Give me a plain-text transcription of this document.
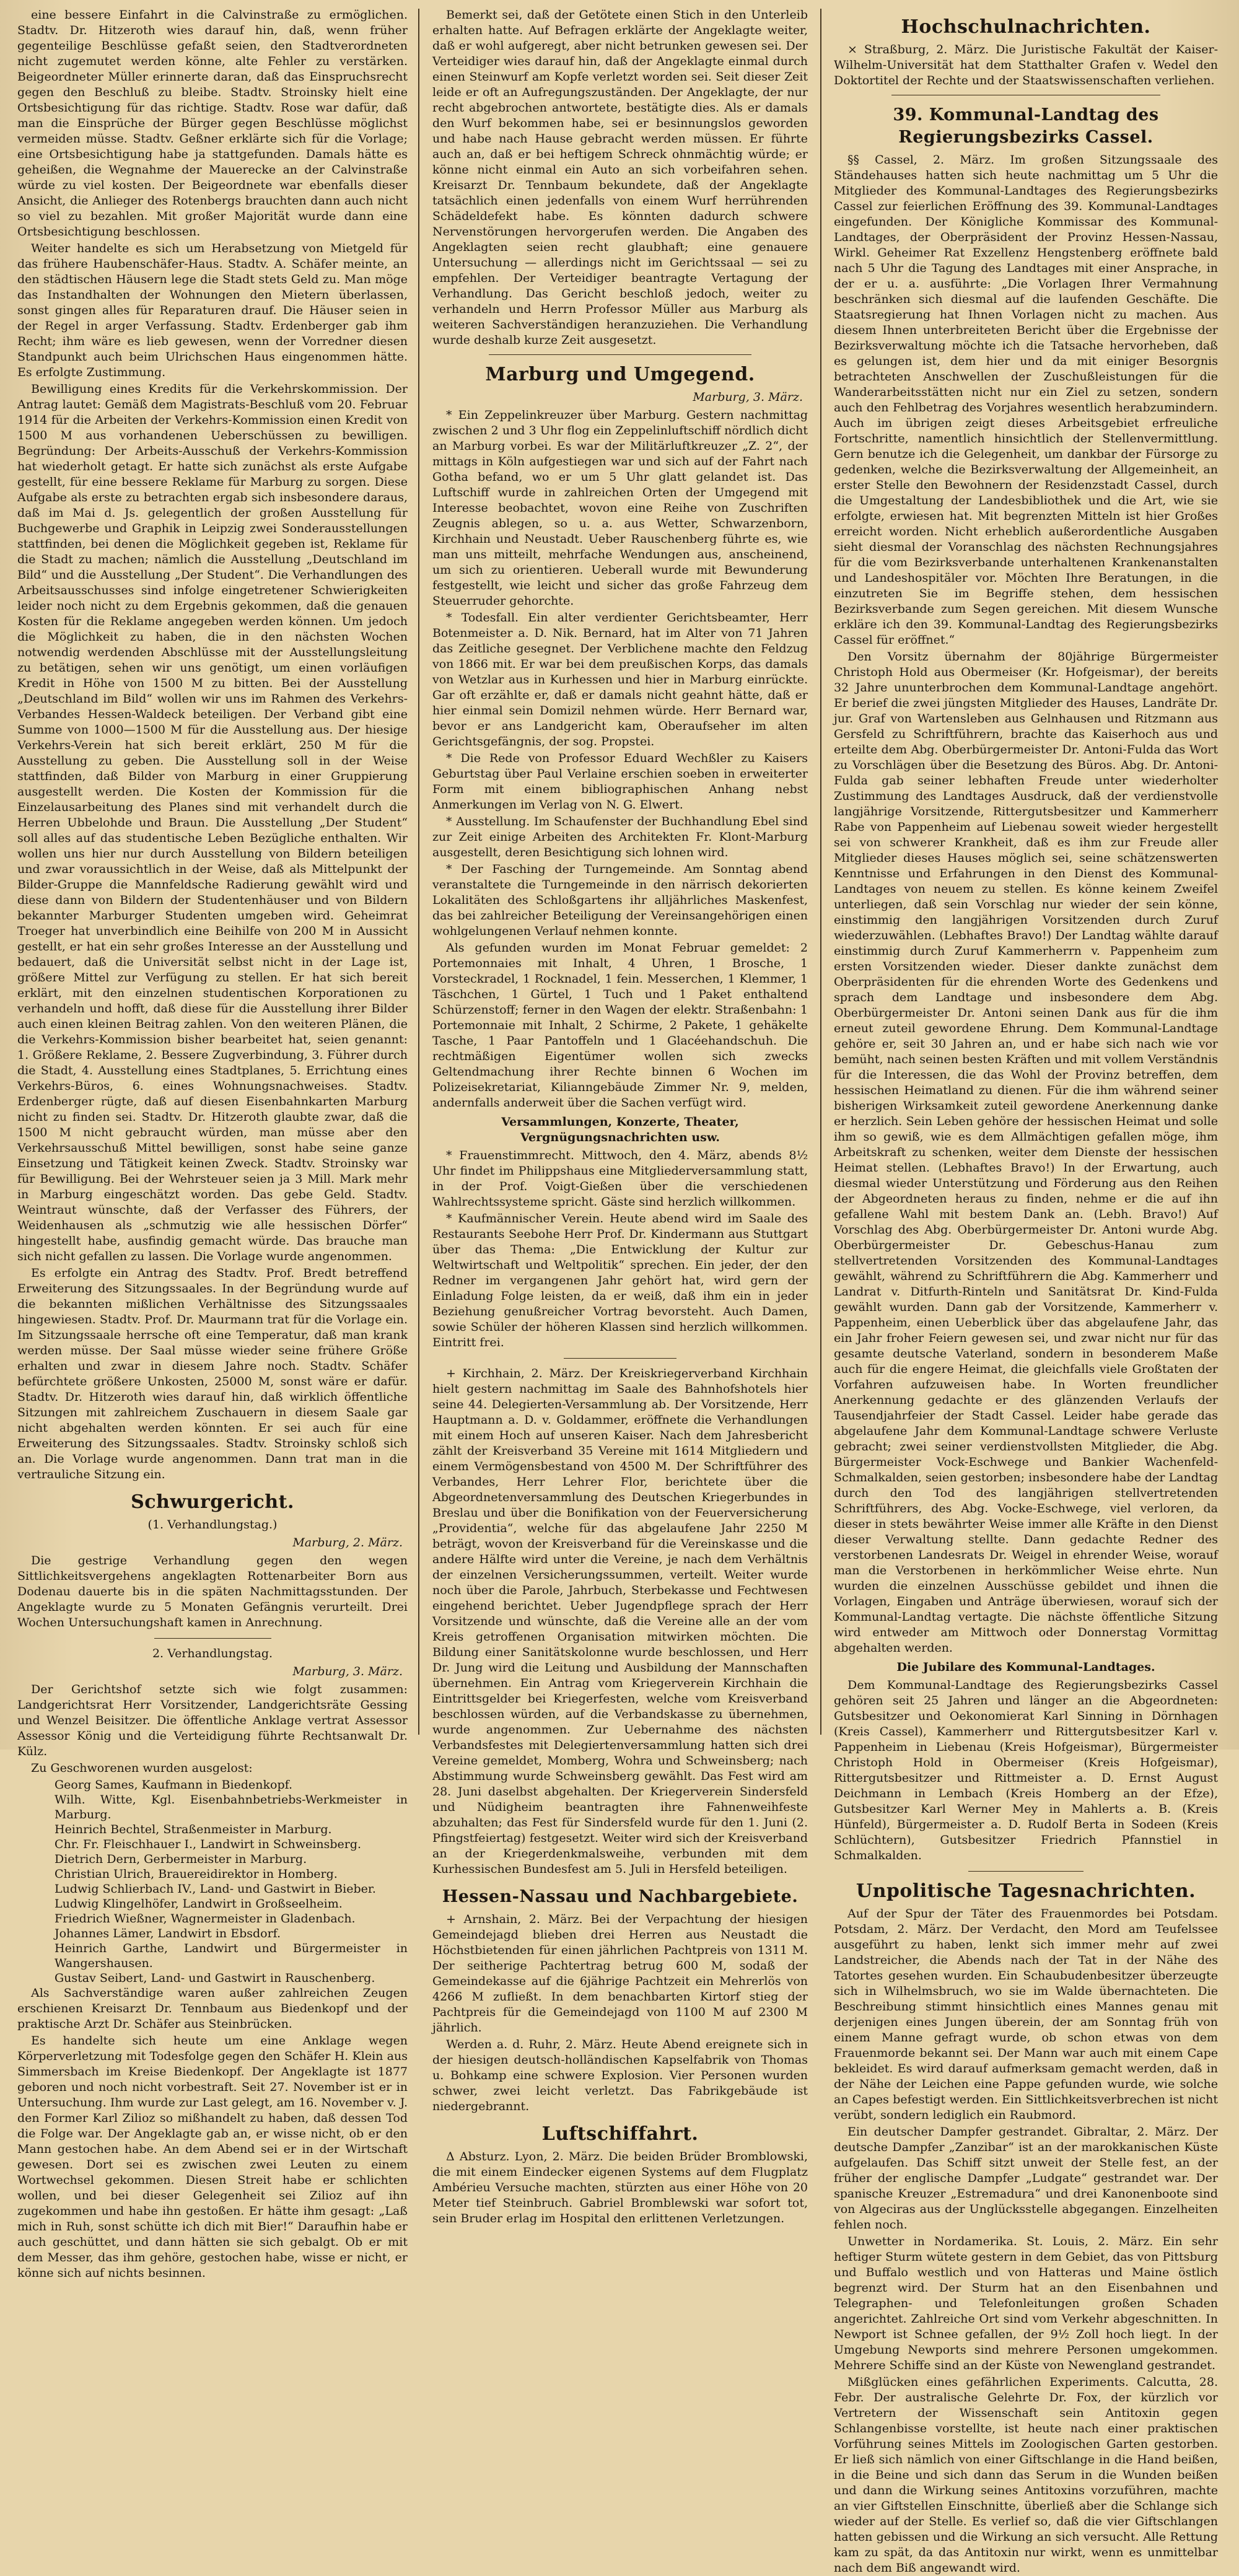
eine bessere Einfahrt in die Calvinstraße zu ermöglichen. Stadtv. Dr. Hitzeroth wies darauf hin, daß, wenn früher gegenteilige Beschlüsse gefaßt seien, den Stadtverordneten nicht zugemutet werden könne, alte Fehler zu verstärken. Beigeordneter Müller erinnerte daran, daß das Einspruchsrecht gegen den Beschluß zu bleibe. Stadtv. Stroinsky hielt eine Ortsbesichtigung für das richtige. Stadtv. Rose war dafür, daß man die Einsprüche der Bürger gegen Beschlüsse möglichst vermeiden müsse. Stadtv. Geßner erklärte sich für die Vorlage; eine Ortsbesichtigung habe ja stattgefunden. Damals hätte es geheißen, die Wegnahme der Mauerecke an der Calvinstraße würde zu viel kosten. Der Beigeordnete war ebenfalls dieser Ansicht, die Anlieger des Rotenbergs brauchten dann auch nicht so viel zu bezahlen. Mit großer Majorität wurde dann eine Ortsbesichtigung beschlossen.

Weiter handelte es sich um Herabsetzung von Mietgeld für das frühere Haubenschäfer-Haus. Stadtv. A. Schäfer meinte, an den städtischen Häusern lege die Stadt stets Geld zu. Man möge das Instandhalten der Wohnungen den Mietern überlassen, sonst gingen alles für Reparaturen drauf. Die Häuser seien in der Regel in arger Verfassung. Stadtv. Erdenberger gab ihm Recht; ihm wäre es lieb gewesen, wenn der Vorredner diesen Standpunkt auch beim Ulrichschen Haus eingenommen hätte. Es erfolgte Zustimmung.

Bewilligung eines Kredits für die Verkehrskommission. Der Antrag lautet: Gemäß dem Magistrats-Beschluß vom 20. Februar 1914 für die Arbeiten der Verkehrs-Kommission einen Kredit von 1500 M aus vorhandenen Ueberschüssen zu bewilligen. Begründung: Der Arbeits-Ausschuß der Verkehrs-Kommission hat wiederholt getagt. Er hatte sich zunächst als erste Aufgabe gestellt, für eine bessere Reklame für Marburg zu sorgen. Diese Aufgabe als erste zu betrachten ergab sich insbesondere daraus, daß im Mai d. Js. gelegentlich der großen Ausstellung für Buchgewerbe und Graphik in Leipzig zwei Sonderausstellungen stattfinden, bei denen die Möglichkeit gegeben ist, Reklame für die Stadt zu machen; nämlich die Ausstellung „Deutschland im Bild“ und die Ausstellung „Der Student“. Die Verhandlungen des Arbeitsausschusses sind infolge eingetretener Schwierigkeiten leider noch nicht zu dem Ergebnis gekommen, daß die genauen Kosten für die Reklame angegeben werden können. Um jedoch die Möglichkeit zu haben, die in den nächsten Wochen notwendig werdenden Abschlüsse mit der Ausstellungsleitung zu betätigen, sehen wir uns genötigt, um einen vorläufigen Kredit in Höhe von 1500 M zu bitten. Bei der Ausstellung „Deutschland im Bild“ wollen wir uns im Rahmen des Verkehrs-Verbandes Hessen-Waldeck beteiligen. Der Verband gibt eine Summe von 1000—1500 M für die Ausstellung aus. Der hiesige Verkehrs-Verein hat sich bereit erklärt, 250 M für die Ausstellung zu geben. Die Ausstellung soll in der Weise stattfinden, daß Bilder von Marburg in einer Gruppierung ausgestellt werden. Die Kosten der Kommission für die Einzelausarbeitung des Planes sind mit verhandelt durch die Herren Ubbelohde und Braun. Die Ausstellung „Der Student“ soll alles auf das studentische Leben Bezügliche enthalten. Wir wollen uns hier nur durch Ausstellung von Bildern beteiligen und zwar voraussichtlich in der Weise, daß als Mittelpunkt der Bilder-Gruppe die Mannfeldsche Radierung gewählt wird und diese dann von Bildern der Studentenhäuser und von Bildern bekannter Marburger Studenten umgeben wird. Geheimrat Troeger hat unverbindlich eine Beihilfe von 200 M in Aussicht gestellt, er hat ein sehr großes Interesse an der Ausstellung und bedauert, daß die Universität selbst nicht in der Lage ist, größere Mittel zur Verfügung zu stellen. Er hat sich bereit erklärt, mit den einzelnen studentischen Korporationen zu verhandeln und hofft, daß diese für die Ausstellung ihrer Bilder auch einen kleinen Beitrag zahlen. Von den weiteren Plänen, die die Verkehrs-Kommission bisher bearbeitet hat, seien genannt: 1. Größere Reklame, 2. Bessere Zugverbindung, 3. Führer durch die Stadt, 4. Ausstellung eines Stadtplanes, 5. Errichtung eines Verkehrs-Büros, 6. eines Wohnungsnachweises. Stadtv. Erdenberger rügte, daß auf diesen Eisenbahnkarten Marburg nicht zu finden sei. Stadtv. Dr. Hitzeroth glaubte zwar, daß die 1500 M nicht gebraucht würden, man müsse aber den Verkehrsausschuß Mittel bewilligen, sonst habe seine ganze Einsetzung und Tätigkeit keinen Zweck. Stadtv. Stroinsky war für Bewilligung. Bei der Wehrsteuer seien ja 3 Mill. Mark mehr in Marburg eingeschätzt worden. Das gebe Geld. Stadtv. Weintraut wünschte, daß der Verfasser des Führers, der Weidenhausen als „schmutzig wie alle hessischen Dörfer“ hingestellt habe, ausfindig gemacht würde. Das brauche man sich nicht gefallen zu lassen. Die Vorlage wurde angenommen.

Es erfolgte ein Antrag des Stadtv. Prof. Bredt betreffend Erweiterung des Sitzungssaales. In der Begründung wurde auf die bekannten mißlichen Verhältnisse des Sitzungssaales hingewiesen. Stadtv. Prof. Dr. Maurmann trat für die Vorlage ein. Im Sitzungssaale herrsche oft eine Temperatur, daß man krank werden müsse. Der Saal müsse wieder seine frühere Größe erhalten und zwar in diesem Jahre noch. Stadtv. Schäfer befürchtete größere Unkosten, 25000 M, sonst wäre er dafür. Stadtv. Dr. Hitzeroth wies darauf hin, daß wirklich öffentliche Sitzungen mit zahlreichem Zuschauern in diesem Saale gar nicht abgehalten werden könnten. Er sei auch für eine Erweiterung des Sitzungssaales. Stadtv. Stroinsky schloß sich an. Die Vorlage wurde angenommen. Dann trat man in die vertrauliche Sitzung ein.

Schwurgericht.
(1. Verhandlungstag.)
Marburg, 2. März.

Die gestrige Verhandlung gegen den wegen Sittlichkeitsvergehens angeklagten Rottenarbeiter Born aus Dodenau dauerte bis in die späten Nachmittagsstunden. Der Angeklagte wurde zu 5 Monaten Gefängnis verurteilt. Drei Wochen Untersuchungshaft kamen in Anrechnung.

2. Verhandlungstag.
Marburg, 3. März.

Der Gerichtshof setzte sich wie folgt zusammen: Landgerichtsrat Herr Vorsitzender, Landgerichtsräte Gessing und Wenzel Beisitzer. Die öffentliche Anklage vertrat Assessor Assessor König und die Verteidigung führte Rechtsanwalt Dr. Külz.

Zu Geschworenen wurden ausgelost:

Georg Sames, Kaufmann in Biedenkopf.
Wilh. Witte, Kgl. Eisenbahnbetriebs-Werkmeister in Marburg.
Heinrich Bechtel, Straßenmeister in Marburg.
Chr. Fr. Fleischhauer I., Landwirt in Schweinsberg.
Dietrich Dern, Gerbermeister in Marburg.
Christian Ulrich, Brauereidirektor in Homberg.
Ludwig Schlierbach IV., Land- und Gastwirt in Bieber.
Ludwig Klingelhöfer, Landwirt in Großseelheim.
Friedrich Wießner, Wagnermeister in Gladenbach.
Johannes Lämer, Landwirt in Ebsdorf.
Heinrich Garthe, Landwirt und Bürgermeister in Wangershausen.
Gustav Seibert, Land- und Gastwirt in Rauschenberg.

Als Sachverständige waren außer zahlreichen Zeugen erschienen Kreisarzt Dr. Tennbaum aus Biedenkopf und der praktische Arzt Dr. Schäfer aus Steinbrücken.

Es handelte sich heute um eine Anklage wegen Körperverletzung mit Todesfolge gegen den Schäfer H. Klein aus Simmersbach im Kreise Biedenkopf. Der Angeklagte ist 1877 geboren und noch nicht vorbestraft. Seit 27. November ist er in Untersuchung. Ihm wurde zur Last gelegt, am 16. November v. J. den Former Karl Zilioz so mißhandelt zu haben, daß dessen Tod die Folge war. Der Angeklagte gab an, er wisse nicht, ob er den Mann gestochen habe. An dem Abend sei er in der Wirtschaft gewesen. Dort sei es zwischen zwei Leuten zu einem Wortwechsel gekommen. Diesen Streit habe er schlichten wollen, und bei dieser Gelegenheit sei Zilioz auf ihn zugekommen und habe ihn gestoßen. Er hätte ihm gesagt: „Laß mich in Ruh, sonst schütte ich dich mit Bier!“ Daraufhin habe er auch geschüttet, und dann hätten sie sich gebalgt. Ob er mit dem Messer, das ihm gehöre, gestochen habe, wisse er nicht, er könne sich auf nichts besinnen.

Bemerkt sei, daß der Getötete einen Stich in den Unterleib erhalten hatte. Auf Befragen erklärte der Angeklagte weiter, daß er wohl aufgeregt, aber nicht betrunken gewesen sei. Der Verteidiger wies darauf hin, daß der Angeklagte einmal durch einen Steinwurf am Kopfe verletzt worden sei. Seit dieser Zeit leide er oft an Aufregungszuständen. Der Angeklagte, der nur recht abgebrochen antwortete, bestätigte dies. Als er damals den Wurf bekommen habe, sei er besinnungslos geworden und habe nach Hause gebracht werden müssen. Er führte auch an, daß er bei heftigem Schreck ohnmächtig würde; er könne nicht einmal ein Auto an sich vorbeifahren sehen. Kreisarzt Dr. Tennbaum bekundete, daß der Angeklagte tatsächlich einen jedenfalls von einem Wurf herrührenden Schädeldefekt habe. Es könnten dadurch schwere Nervenstörungen hervorgerufen werden. Die Angaben des Angeklagten seien recht glaubhaft; eine genauere Untersuchung — allerdings nicht im Gerichtssaal — sei zu empfehlen. Der Verteidiger beantragte Vertagung der Verhandlung. Das Gericht beschloß jedoch, weiter zu verhandeln und Herrn Professor Müller aus Marburg als weiteren Sachverständigen heranzuziehen. Die Verhandlung wurde deshalb kurze Zeit ausgesetzt.

Marburg und Umgegend.
Marburg, 3. März.

* Ein Zeppelinkreuzer über Marburg. Gestern nachmittag zwischen 2 und 3 Uhr flog ein Zeppelinluftschiff nördlich dicht an Marburg vorbei. Es war der Militärluftkreuzer „Z. 2“, der mittags in Köln aufgestiegen war und sich auf der Fahrt nach Gotha befand, wo er um 5 Uhr glatt gelandet ist. Das Luftschiff wurde in zahlreichen Orten der Umgegend mit Interesse beobachtet, wovon eine Reihe von Zuschriften Zeugnis ablegen, so u. a. aus Wetter, Schwarzenborn, Kirchhain und Neustadt. Ueber Rauschenberg führte es, wie man uns mitteilt, mehrfache Wendungen aus, anscheinend, um sich zu orientieren. Ueberall wurde mit Bewunderung festgestellt, wie leicht und sicher das große Fahrzeug dem Steuerruder gehorchte.

* Todesfall. Ein alter verdienter Gerichtsbeamter, Herr Botenmeister a. D. Nik. Bernard, hat im Alter von 71 Jahren das Zeitliche gesegnet. Der Verblichene machte den Feldzug von 1866 mit. Er war bei dem preußischen Korps, das damals von Wetzlar aus in Kurhessen und hier in Marburg einrückte. Gar oft erzählte er, daß er damals nicht geahnt hätte, daß er hier einmal sein Domizil nehmen würde. Herr Bernard war, bevor er ans Landgericht kam, Oberaufseher im alten Gerichtsgefängnis, der sog. Propstei.

* Die Rede von Professor Eduard Wechßler zu Kaisers Geburtstag über Paul Verlaine erschien soeben in erweiterter Form mit einem bibliographischen Anhang nebst Anmerkungen im Verlag von N. G. Elwert.

* Ausstellung. Im Schaufenster der Buchhandlung Ebel sind zur Zeit einige Arbeiten des Architekten Fr. Klont-Marburg ausgestellt, deren Besichtigung sich lohnen wird.

* Der Fasching der Turngemeinde. Am Sonntag abend veranstaltete die Turngemeinde in den närrisch dekorierten Lokalitäten des Schloßgartens ihr alljährliches Maskenfest, das bei zahlreicher Beteiligung der Vereinsangehörigen einen wohlgelungenen Verlauf nehmen konnte.

Als gefunden wurden im Monat Februar gemeldet: 2 Portemonnaies mit Inhalt, 4 Uhren, 1 Brosche, 1 Vorsteckradel, 1 Rocknadel, 1 fein. Messerchen, 1 Klemmer, 1 Täschchen, 1 Gürtel, 1 Tuch und 1 Paket enthaltend Schürzenstoff; ferner in den Wagen der elektr. Straßenbahn: 1 Portemonnaie mit Inhalt, 2 Schirme, 2 Pakete, 1 gehäkelte Tasche, 1 Paar Pantoffeln und 1 Glacéehandschuh. Die rechtmäßigen Eigentümer wollen sich zwecks Geltendmachung ihrer Rechte binnen 6 Wochen im Polizeisekretariat, Kilianngebäude Zimmer Nr. 9, melden, andernfalls anderweit über die Sachen verfügt wird.

Versammlungen, Konzerte, Theater, Vergnügungsnachrichten usw.

* Frauenstimmrecht. Mittwoch, den 4. März, abends 8½ Uhr findet im Philippshaus eine Mitgliederversammlung statt, in der Prof. Voigt-Gießen über die verschiedenen Wahlrechtssysteme spricht. Gäste sind herzlich willkommen.

* Kaufmännischer Verein. Heute abend wird im Saale des Restaurants Seebohe Herr Prof. Dr. Kindermann aus Stuttgart über das Thema: „Die Entwicklung der Kultur zur Weltwirtschaft und Weltpolitik“ sprechen. Ein jeder, der den Redner im vergangenen Jahr gehört hat, wird gern der Einladung Folge leisten, da er weiß, daß ihm ein in jeder Beziehung genußreicher Vortrag bevorsteht. Auch Damen, sowie Schüler der höheren Klassen sind herzlich willkommen. Eintritt frei.

+ Kirchhain, 2. März. Der Kreiskriegerverband Kirchhain hielt gestern nachmittag im Saale des Bahnhofshotels hier seine 44. Delegierten-Versammlung ab. Der Vorsitzende, Herr Hauptmann a. D. v. Goldammer, eröffnete die Verhandlungen mit einem Hoch auf unseren Kaiser. Nach dem Jahresbericht zählt der Kreisverband 35 Vereine mit 1614 Mitgliedern und einem Vermögensbestand von 4500 M. Der Schriftführer des Verbandes, Herr Lehrer Flor, berichtete über die Abgeordnetenversammlung des Deutschen Kriegerbundes in Breslau und über die Bonifikation von der Feuerversicherung „Providentia“, welche für das abgelaufene Jahr 2250 M beträgt, wovon der Kreisverband für die Vereinskasse und die andere Hälfte wird unter die Vereine, je nach dem Verhältnis der einzelnen Versicherungssummen, verteilt. Weiter wurde noch über die Parole, Jahrbuch, Sterbekasse und Fechtwesen eingehend berichtet. Ueber Jugendpflege sprach der Herr Vorsitzende und wünschte, daß die Vereine alle an der vom Kreis getroffenen Organisation mitwirken möchten. Die Bildung einer Sanitätskolonne wurde beschlossen, und Herr Dr. Jung wird die Leitung und Ausbildung der Mannschaften übernehmen. Ein Antrag vom Kriegerverein Kirchhain die Eintrittsgelder bei Kriegerfesten, welche vom Kreisverband beschlossen würden, auf die Verbandskasse zu übernehmen, wurde angenommen. Zur Uebernahme des nächsten Verbandsfestes mit Delegiertenversammlung hatten sich drei Vereine gemeldet, Momberg, Wohra und Schweinsberg; nach Abstimmung wurde Schweinsberg gewählt. Das Fest wird am 28. Juni daselbst abgehalten. Der Kriegerverein Sindersfeld und Nüdigheim beantragten ihre Fahnenweihfeste abzuhalten; das Fest für Sindersfeld wurde für den 1. Juni (2. Pfingstfeiertag) festgesetzt. Weiter wird sich der Kreisverband an der Kriegerdenkmalsweihe, verbunden mit dem Kurhessischen Bundesfest am 5. Juli in Hersfeld beteiligen.

Hessen-Nassau und Nachbargebiete.

+ Arnshain, 2. März. Bei der Verpachtung der hiesigen Gemeindejagd blieben drei Herren aus Neustadt die Höchstbietenden für einen jährlichen Pachtpreis von 1311 M. Der seitherige Pachtertrag betrug 600 M, sodaß der Gemeindekasse auf die 6jährige Pachtzeit ein Mehrerlös von 4266 M zufließt. In dem benachbarten Kirtorf stieg der Pachtpreis für die Gemeindejagd von 1100 M auf 2300 M jährlich.

Werden a. d. Ruhr, 2. März. Heute Abend ereignete sich in der hiesigen deutsch-holländischen Kapselfabrik von Thomas u. Bohkamp eine schwere Explosion. Vier Personen wurden schwer, zwei leicht verletzt. Das Fabrikgebäude ist niedergebrannt.

Luftschiffahrt.

Δ Absturz. Lyon, 2. März. Die beiden Brüder Bromblowski, die mit einem Eindecker eigenen Systems auf dem Flugplatz Ambérieu Versuche machten, stürzten aus einer Höhe von 20 Meter tief Steinbruch. Gabriel Bromblewski war sofort tot, sein Bruder erlag im Hospital den erlittenen Verletzungen.

Hochschulnachrichten.

× Straßburg, 2. März. Die Juristische Fakultät der Kaiser-Wilhelm-Universität hat dem Statthalter Grafen v. Wedel den Doktortitel der Rechte und der Staatswissenschaften verliehen.

39. Kommunal-Landtag des Regierungsbezirks Cassel.

§§ Cassel, 2. März. Im großen Sitzungssaale des Ständehauses hatten sich heute nachmittag um 5 Uhr die Mitglieder des Kommunal-Landtages des Regierungsbezirks Cassel zur feierlichen Eröffnung des 39. Kommunal-Landtages eingefunden. Der Königliche Kommissar des Kommunal-Landtages, der Oberpräsident der Provinz Hessen-Nassau, Wirkl. Geheimer Rat Exzellenz Hengstenberg eröffnete bald nach 5 Uhr die Tagung des Landtages mit einer Ansprache, in der er u. a. ausführte: „Die Vorlagen Ihrer Vermahnung beschränken sich diesmal auf die laufenden Geschäfte. Die Staatsregierung hat Ihnen Vorlagen nicht zu machen. Aus diesem Ihnen unterbreiteten Bericht über die Ergebnisse der Bezirksverwaltung möchte ich die Tatsache hervorheben, daß es gelungen ist, dem hier und da mit einiger Besorgnis betrachteten Anschwellen der Zuschußleistungen für die Wanderarbeitsstätten nicht nur ein Ziel zu setzen, sondern auch den Fehlbetrag des Vorjahres wesentlich herabzumindern. Auch im übrigen zeigt dieses Arbeitsgebiet erfreuliche Fortschritte, namentlich hinsichtlich der Stellenvermittlung. Gern benutze ich die Gelegenheit, um dankbar der Fürsorge zu gedenken, welche die Bezirksverwaltung der Allgemeinheit, an erster Stelle den Bewohnern der Residenzstadt Cassel, durch die Umgestaltung der Landesbibliothek und die Art, wie sie erfolgte, erwiesen hat. Mit begrenzten Mitteln ist hier Großes erreicht worden. Nicht erheblich außerordentliche Ausgaben sieht diesmal der Voranschlag des nächsten Rechnungsjahres für die vom Bezirksverbande unterhaltenen Krankenanstalten und Landeshospitäler vor. Möchten Ihre Beratungen, in die einzutreten Sie im Begriffe stehen, dem hessischen Bezirksverbande zum Segen gereichen. Mit diesem Wunsche erkläre ich den 39. Kommunal-Landtag des Regierungsbezirks Cassel für eröffnet.“

Den Vorsitz übernahm der 80jährige Bürgermeister Christoph Hold aus Obermeiser (Kr. Hofgeismar), der bereits 32 Jahre ununterbrochen dem Kommunal-Landtage angehört. Er berief die zwei jüngsten Mitglieder des Hauses, Landräte Dr. jur. Graf von Wartensleben aus Gelnhausen und Ritzmann aus Gersfeld zu Schriftführern, brachte das Kaiserhoch aus und erteilte dem Abg. Oberbürgermeister Dr. Antoni-Fulda das Wort zu Vorschlägen über die Besetzung des Büros. Abg. Dr. Antoni-Fulda gab seiner lebhaften Freude unter wiederholter Zustimmung des Landtages Ausdruck, daß der verdienstvolle langjährige Vorsitzende, Rittergutsbesitzer und Kammerherr Rabe von Pappenheim auf Liebenau soweit wieder hergestellt sei von schwerer Krankheit, daß es ihm zur Freude aller Mitglieder dieses Hauses möglich sei, seine schätzenswerten Kenntnisse und Erfahrungen in den Dienst des Kommunal-Landtages von neuem zu stellen. Es könne keinem Zweifel unterliegen, daß sein Vorschlag nur wieder der sein könne, einstimmig den langjährigen Vorsitzenden durch Zuruf wiederzuwählen. (Lebhaftes Bravo!) Der Landtag wählte darauf einstimmig durch Zuruf Kammerherrn v. Pappenheim zum ersten Vorsitzenden wieder. Dieser dankte zunächst dem Oberpräsidenten für die ehrenden Worte des Gedenkens und sprach dem Landtage und insbesondere dem Abg. Oberbürgermeister Dr. Antoni seinen Dank aus für die ihm erneut zuteil gewordene Ehrung. Dem Kommunal-Landtage gehöre er, seit 30 Jahren an, und er habe sich nach wie vor bemüht, nach seinen besten Kräften und mit vollem Verständnis für die Interessen, die das Wohl der Provinz betreffen, dem hessischen Heimatland zu dienen. Für die ihm während seiner bisherigen Wirksamkeit zuteil gewordene Anerkennung danke er herzlich. Sein Leben gehöre der hessischen Heimat und solle ihm so gewiß, wie es dem Allmächtigen gefallen möge, ihm Arbeitskraft zu schenken, weiter dem Dienste der hessischen Heimat stellen. (Lebhaftes Bravo!) In der Erwartung, auch diesmal wieder Unterstützung und Förderung aus den Reihen der Abgeordneten heraus zu finden, nehme er die auf ihn gefallene Wahl mit bestem Dank an. (Lebh. Bravo!) Auf Vorschlag des Abg. Oberbürgermeister Dr. Antoni wurde Abg. Oberbürgermeister Dr. Gebeschus-Hanau zum stellvertretenden Vorsitzenden des Kommunal-Landtages gewählt, während zu Schriftführern die Abg. Kammerherr und Landrat v. Ditfurth-Rinteln und Sanitätsrat Dr. Kind-Fulda gewählt wurden. Dann gab der Vorsitzende, Kammerherr v. Pappenheim, einen Ueberblick über das abgelaufene Jahr, das ein Jahr froher Feiern gewesen sei, und zwar nicht nur für das gesamte deutsche Vaterland, sondern in besonderem Maße auch für die engere Heimat, die gleichfalls viele Großtaten der Vorfahren aufzuweisen habe. In Worten freundlicher Anerkennung gedachte er des glänzenden Verlaufs der Tausendjahrfeier der Stadt Cassel. Leider habe gerade das abgelaufene Jahr dem Kommunal-Landtage schwere Verluste gebracht; zwei seiner verdienstvollsten Mitglieder, die Abg. Bürgermeister Vock-Eschwege und Bankier Wachenfeld-Schmalkalden, seien gestorben; insbesondere habe der Landtag durch den Tod des langjährigen stellvertretenden Schriftführers, des Abg. Vocke-Eschwege, viel verloren, da dieser in stets bewährter Weise immer alle Kräfte in den Dienst dieser Verwaltung stellte. Dann gedachte Redner des verstorbenen Landesrats Dr. Weigel in ehrender Weise, worauf man die Verstorbenen in herkömmlicher Weise ehrte. Nun wurden die einzelnen Ausschüsse gebildet und ihnen die Vorlagen, Eingaben und Anträge überwiesen, worauf sich der Kommunal-Landtag vertagte. Die nächste öffentliche Sitzung wird entweder am Mittwoch oder Donnerstag Vormittag abgehalten werden.

Die Jubilare des Kommunal-Landtages.

Dem Kommunal-Landtage des Regierungsbezirks Cassel gehören seit 25 Jahren und länger an die Abgeordneten: Gutsbesitzer und Oekonomierat Karl Sinning in Dörnhagen (Kreis Cassel), Kammerherr und Rittergutsbesitzer Karl v. Pappenheim in Liebenau (Kreis Hofgeismar), Bürgermeister Christoph Hold in Obermeiser (Kreis Hofgeismar), Rittergutsbesitzer und Rittmeister a. D. Ernst August Deichmann in Lembach (Kreis Homberg an der Efze), Gutsbesitzer Karl Werner Mey in Mahlerts a. B. (Kreis Hünfeld), Bürgermeister a. D. Rudolf Berta in Sodeen (Kreis Schlüchtern), Gutsbesitzer Friedrich Pfannstiel in Schmalkalden.

Unpolitische Tagesnachrichten.

Auf der Spur der Täter des Frauenmordes bei Potsdam. Potsdam, 2. März. Der Verdacht, den Mord am Teufelssee ausgeführt zu haben, lenkt sich immer mehr auf zwei Landstreicher, die Abends nach der Tat in der Nähe des Tatortes gesehen wurden. Ein Schaubudenbesitzer überzeugte sich in Wilhelmsbruch, wo sie im Walde übernachteten. Die Beschreibung stimmt hinsichtlich eines Mannes genau mit derjenigen eines Jungen überein, der am Sonntag früh von einem Manne gefragt wurde, ob schon etwas von dem Frauenmorde bekannt sei. Der Mann war auch mit einem Cape bekleidet. Es wird darauf aufmerksam gemacht werden, daß in der Nähe der Leichen eine Pappe gefunden wurde, wie solche an Capes befestigt werden. Ein Sittlichkeitsverbrechen ist nicht verübt, sondern lediglich ein Raubmord.

Ein deutscher Dampfer gestrandet. Gibraltar, 2. März. Der deutsche Dampfer „Zanzibar“ ist an der marokkanischen Küste aufgelaufen. Das Schiff sitzt unweit der Stelle fest, an der früher der englische Dampfer „Ludgate“ gestrandet war. Der spanische Kreuzer „Estremadura“ und drei Kanonenboote sind von Algeciras aus der Unglücksstelle abgegangen. Einzelheiten fehlen noch.

Unwetter in Nordamerika. St. Louis, 2. März. Ein sehr heftiger Sturm wütete gestern in dem Gebiet, das von Pittsburg und Buffalo westlich und von Hatteras und Maine östlich begrenzt wird. Der Sturm hat an den Eisenbahnen und Telegraphen- und Telefonleitungen großen Schaden angerichtet. Zahlreiche Ort sind vom Verkehr abgeschnitten. In Newport ist Schnee gefallen, der 9½ Zoll hoch liegt. In der Umgebung Newports sind mehrere Personen umgekommen. Mehrere Schiffe sind an der Küste von Newengland gestrandet.

Mißglücken eines gefährlichen Experiments. Calcutta, 28. Febr. Der australische Gelehrte Dr. Fox, der kürzlich vor Vertretern der Wissenschaft sein Antitoxin gegen Schlangenbisse vorstellte, ist heute nach einer praktischen Vorführung seines Mittels im Zoologischen Garten gestorben. Er ließ sich nämlich von einer Giftschlange in die Hand beißen, in die Beine und sich dann das Serum in die Wunden beißen und dann die Wirkung seines Antitoxins vorzuführen, machte an vier Giftstellen Einschnitte, überließ aber die Schlange sich wieder auf der Stelle. Es verlief so, daß die vier Giftschlangen hatten gebissen und die Wirkung an sich versucht. Alle Rettung kam zu spät, da das Antitoxin nur wirkt, wenn es unmittelbar nach dem Biß angewandt wird.
